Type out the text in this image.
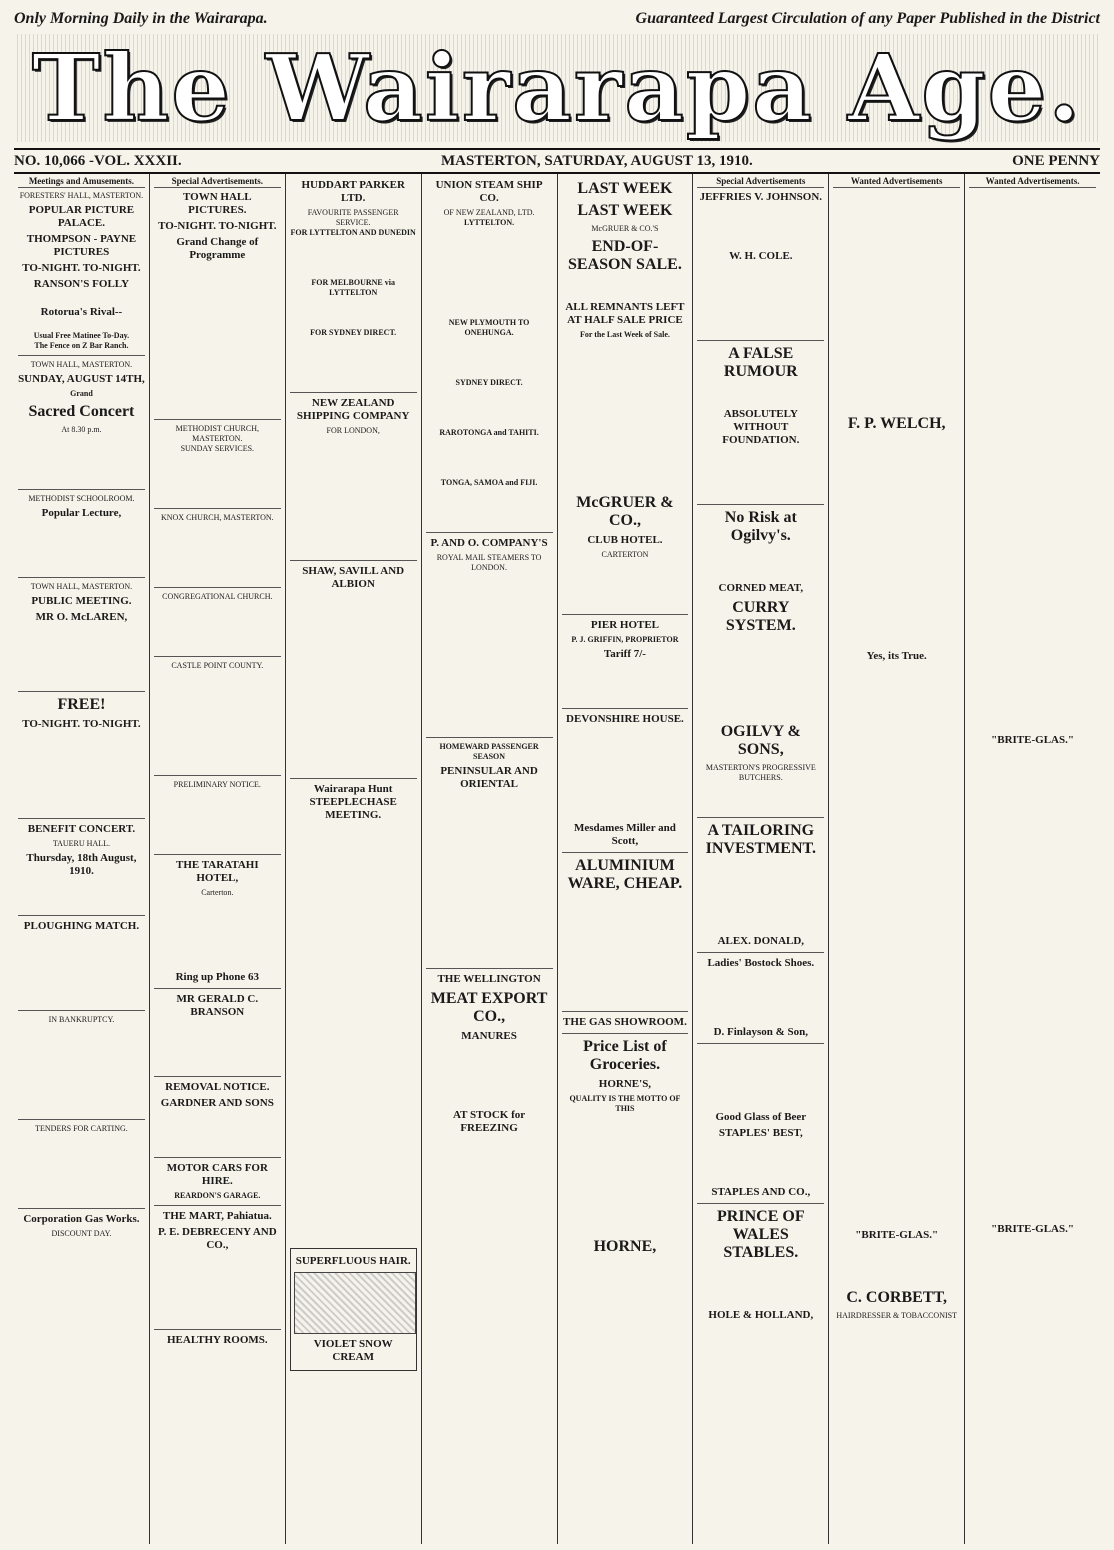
Only Morning Daily in the Wairarapa.	Guaranteed Largest Circulation of any Paper Published in the District
The Wairarapa Age.
NO. 10,066 -VOL. XXXII.	MASTERTON, SATURDAY, AUGUST 13, 1910.	ONE PENNY
Meetings and Amusements.
FORESTERS' HALL, MASTERTON.
POPULAR PICTURE PALACE.
THOMPSON - PAYNE PICTURES
TO-NIGHT. TO-NIGHT.
RANSON'S FOLLY

Rotorua's Rival--

Usual Free Matinee To-Day.
The Fence on Z Bar Ranch.
TOWN HALL, MASTERTON.
SUNDAY, AUGUST 14TH,
Grand
Sacred Concert
At 8.30 p.m.

METHODIST SCHOOLROOM.
Popular Lecture,

TOWN HALL, MASTERTON.
PUBLIC MEETING.
MR O. McLAREN,

FREE!
TO-NIGHT. TO-NIGHT.

BENEFIT CONCERT.
TAUERU HALL.
Thursday, 18th August, 1910.

PLOUGHING MATCH.

IN BANKRUPTCY.

TENDERS FOR CARTING.

Corporation Gas Works.
DISCOUNT DAY.
Special Advertisements.
TOWN HALL PICTURES.
TO-NIGHT. TO-NIGHT.
Grand Change of Programme

METHODIST CHURCH, MASTERTON.
SUNDAY SERVICES.

KNOX CHURCH, MASTERTON.

CONGREGATIONAL CHURCH.

CASTLE POINT COUNTY.

PRELIMINARY NOTICE.

THE TARATAHI HOTEL,
Carterton.

Ring up Phone 63
MR GERALD C. BRANSON

REMOVAL NOTICE.
GARDNER AND SONS

MOTOR CARS FOR HIRE.
REARDON'S GARAGE.
THE MART, Pahiatua.
P. E. DEBRECENY AND CO.,

HEALTHY ROOMS.
HUDDART PARKER LTD.
FAVOURITE PASSENGER SERVICE.
FOR LYTTELTON AND DUNEDIN

FOR MELBOURNE via LYTTELTON

FOR SYDNEY DIRECT.

NEW ZEALAND SHIPPING COMPANY
FOR LONDON,

SHAW, SAVILL AND ALBION

Wairarapa Hunt STEEPLECHASE MEETING.

SUPERFLUOUS HAIR.
VIOLET SNOW CREAM
UNION STEAM SHIP CO.
OF NEW ZEALAND, LTD.
LYTTELTON.

NEW PLYMOUTH TO ONEHUNGA.

SYDNEY DIRECT.

RAROTONGA and TAHITI.

TONGA, SAMOA and FIJI.

P. AND O. COMPANY'S
ROYAL MAIL STEAMERS TO LONDON.

HOMEWARD PASSENGER SEASON
PENINSULAR AND ORIENTAL

THE WELLINGTON
MEAT EXPORT CO.,
MANURES

AT STOCK for FREEZING
LAST WEEK
LAST WEEK
McGRUER & CO.'S
END-OF-SEASON SALE.

ALL REMNANTS LEFT AT HALF SALE PRICE
For the Last Week of Sale.

McGRUER & CO.,
CLUB HOTEL.
CARTERTON

PIER HOTEL
P. J. GRIFFIN, PROPRIETOR
Tariff 7/-

DEVONSHIRE HOUSE.

Mesdames Miller and Scott,
ALUMINIUM WARE, CHEAP.

THE GAS SHOWROOM.
Price List of Groceries.
HORNE'S,
QUALITY IS THE MOTTO OF THIS

HORNE,
Special Advertisements
JEFFRIES V. JOHNSON.

W. H. COLE.

A FALSE RUMOUR

ABSOLUTELY WITHOUT FOUNDATION.

No Risk at Ogilvy's.

CORNED MEAT,
CURRY SYSTEM.

OGILVY & SONS,
MASTERTON'S PROGRESSIVE BUTCHERS.

A TAILORING INVESTMENT.

ALEX. DONALD,
Ladies' Bostock Shoes.

D. Finlayson & Son,

Good Glass of Beer
STAPLES' BEST,

STAPLES AND CO.,
PRINCE OF WALES STABLES.

HOLE & HOLLAND,
Wanted Advertisements

F. P. WELCH,

Yes, its True.

"BRITE-GLAS."

C. CORBETT,
HAIRDRESSER & TOBACCONIST
Wanted Advertisements.

"BRITE-GLAS."

"BRITE-GLAS."
